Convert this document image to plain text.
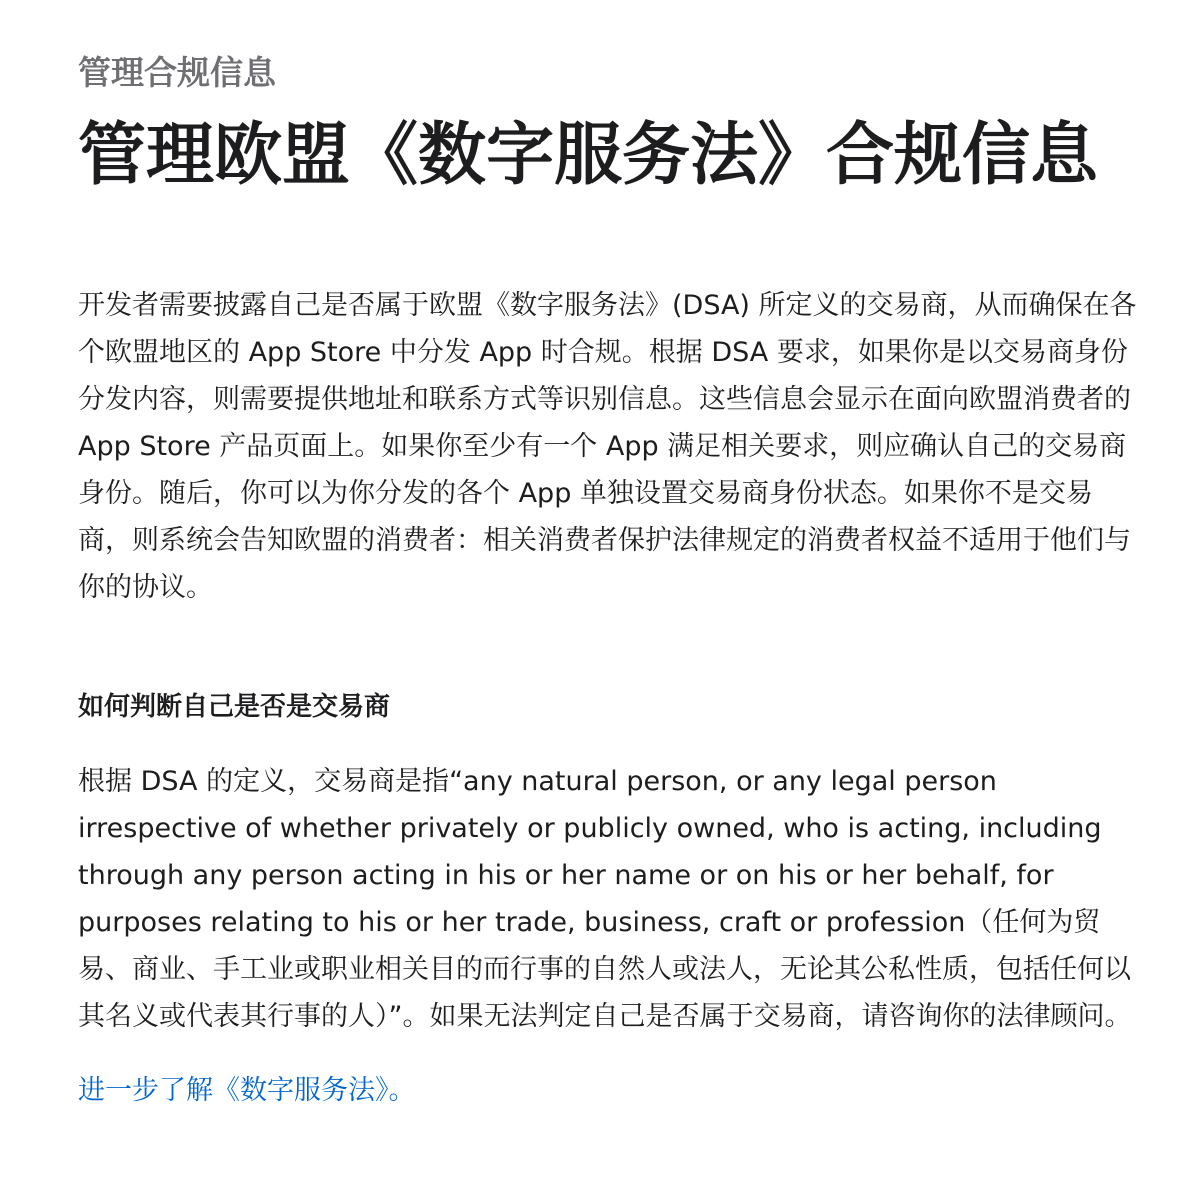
管理合规信息

管理欧盟《数字服务法》合规信息

开发者需要披露自己是否属于欧盟《数字服务法》(DSA) 所定义的交易商，从而确保在各个欧盟地区的 App Store 中分发 App 时合规。根据 DSA 要求，如果你是以交易商身份分发内容，则需要提供地址和联系方式等识别信息。这些信息会显示在面向欧盟消费者的 App Store 产品页面上。如果你至少有一个 App 满足相关要求，则应确认自己的交易商身份。随后，你可以为你分发的各个 App 单独设置交易商身份状态。如果你不是交易商，则系统会告知欧盟的消费者：相关消费者保护法律规定的消费者权益不适用于他们与你的协议。

如何判断自己是否是交易商

根据 DSA 的定义，交易商是指“any natural person, or any legal person irrespective of whether privately or publicly owned, who is acting, including through any person acting in his or her name or on his or her behalf, for purposes relating to his or her trade, business, craft or profession（任何为贸易、商业、手工业或职业相关目的而行事的自然人或法人，无论其公私性质，包括任何以其名义或代表其行事的人）”。如果无法判定自己是否属于交易商，请咨询你的法律顾问。

进一步了解《数字服务法》。
